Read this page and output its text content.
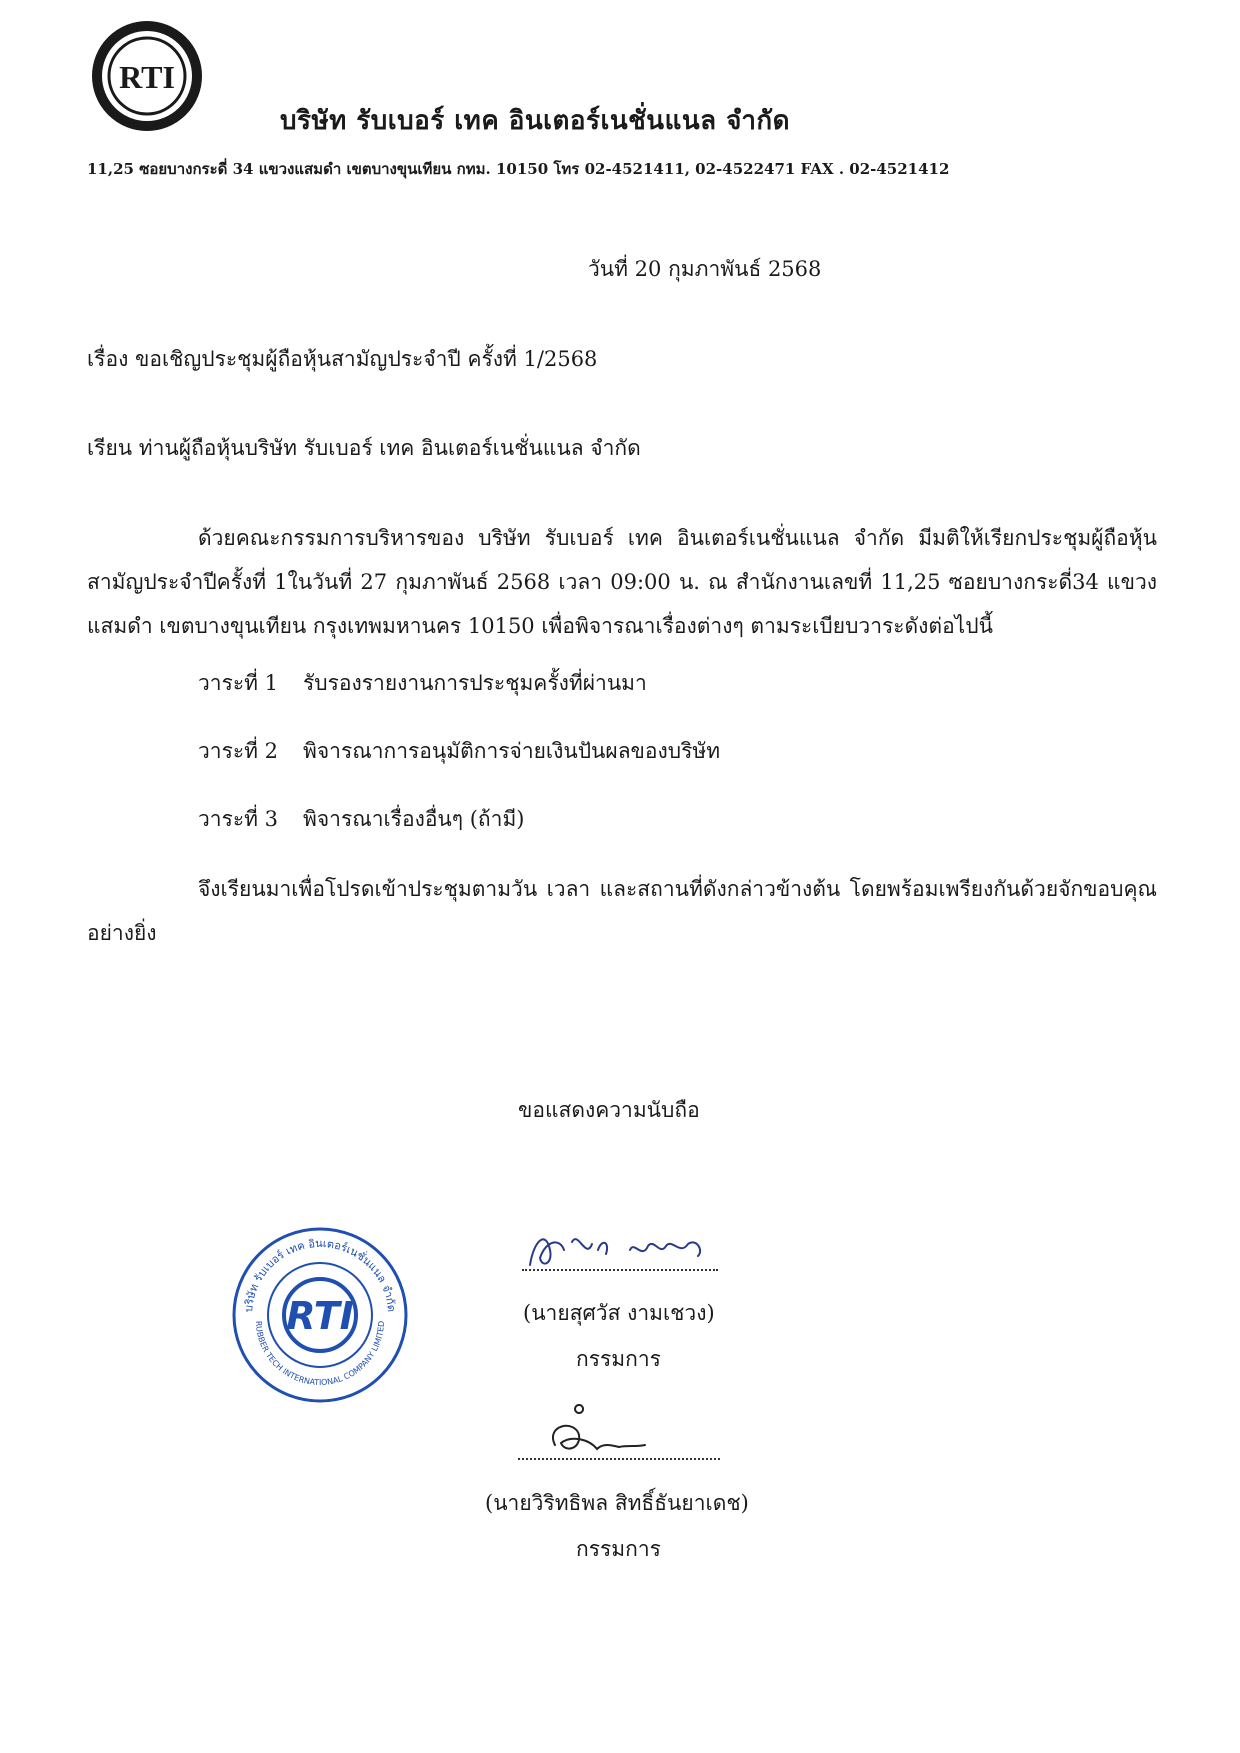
RTI
บริษัท รับเบอร์ เทค อินเตอร์เนชั่นแนล จำกัด
11,25 ซอยบางกระดี่ 34 แขวงแสมดำ เขตบางขุนเทียน กทม. 10150 โทร 02-4521411, 02-4522471 FAX . 02-4521412
วันที่ 20 กุมภาพันธ์ 2568
เรื่อง ขอเชิญประชุมผู้ถือหุ้นสามัญประจำปี ครั้งที่ 1/2568
เรียน ท่านผู้ถือหุ้นบริษัท รับเบอร์ เทค อินเตอร์เนชั่นแนล จำกัด
ด้วยคณะกรรมการบริหารของ บริษัท รับเบอร์ เทค อินเตอร์เนชั่นแนล จำกัด มีมติให้เรียกประชุมผู้ถือหุ้นสามัญประจำปีครั้งที่ 1ในวันที่ 27 กุมภาพันธ์ 2568 เวลา 09:00 น. ณ สำนักงานเลขที่ 11,25 ซอยบางกระดี่34 แขวงแสมดำ เขตบางขุนเทียน กรุงเทพมหานคร 10150 เพื่อพิจารณาเรื่องต่างๆ ตามระเบียบวาระดังต่อไปนี้
วาระที่ 1 รับรองรายงานการประชุมครั้งที่ผ่านมา
วาระที่ 2 พิจารณาการอนุมัติการจ่ายเงินปันผลของบริษัท
วาระที่ 3 พิจารณาเรื่องอื่นๆ (ถ้ามี)
จึงเรียนมาเพื่อโปรดเข้าประชุมตามวัน เวลา และสถานที่ดังกล่าวข้างต้น โดยพร้อมเพรียงกันด้วยจักขอบคุณอย่างยิ่ง
ขอแสดงความนับถือ
บริษัท รับเบอร์ เทค อินเตอร์เนชั่นแนล จำกัด
RUBBER TECH INTERNATIONAL COMPANY LIMITED
RTI	(นายสุศวัส งามเชวง)
กรรมการ
(นายวิริทธิพล สิทธิ์ธันยาเดช)
กรรมการ
